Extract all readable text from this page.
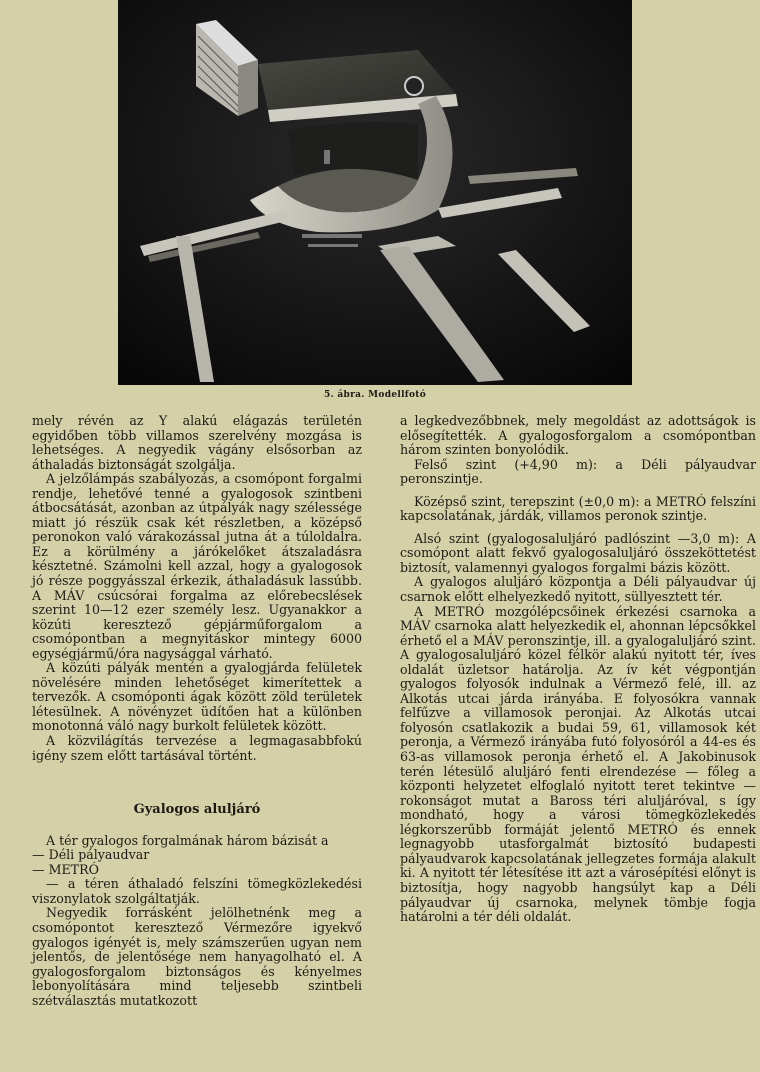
5. ábra. Modellfotó

mely révén az Y alakú elágazás területén egyidőben több villamos szerelvény mozgása is lehetséges. A negyedik vágány elsősorban az áthaladás biztonságát szolgálja.

A jelzőlámpás szabályozás, a csomópont forgalmi rendje, lehetővé tenné a gyalogosok szintbeni átbocsátását, azonban az útpályák nagy szélessége miatt jó részük csak két részletben, a középső peronokon való várakozással jutna át a túloldalra. Ez a körülmény a járókelőket átszaladásra késztetné. Számolni kell azzal, hogy a gyalogosok jó része poggyásszal érkezik, áthaladásuk lassúbb. A MÁV csúcsórai forgalma az előrebecslések szerint 10—12 ezer személy lesz. Ugyanakkor a közúti keresztező gépjárműforgalom a csomópontban a megnyitáskor mintegy 6000 egységjármű/óra nagysággal várható.

A közúti pályák mentén a gyalogjárda felületek növelésére minden lehetőséget kimerítettek a tervezők. A csomóponti ágak között zöld területek létesülnek. A növényzet üdítően hat a különben monotonná váló nagy burkolt felületek között.

A közvilágítás tervezése a legmagasabbfokú igény szem előtt tartásával történt.

Gyalogos aluljáró

A tér gyalogos forgalmának három bázisát a

— Déli pályaudvar

— METRÓ

— a téren áthaladó felszíni tömegközlekedési viszonylatok szolgáltatják.

Negyedik forrásként jelölhetnénk meg a csomópontot keresztező Vérmezőre igyekvő gyalogos igényét is, mely számszerűen ugyan nem jelentős, de jelentősége nem hanyagolható el. A gyalogosforgalom biztonságos és kényelmes lebonyolítására mind teljesebb szintbeli szétválasztás mutatkozott

a legkedvezőbbnek, mely megoldást az adottságok is elősegítették. A gyalogosforgalom a csomópontban három szinten bonyolódik.

Felső szint (+4,90 m): a Déli pályaudvar peronszintje.

Középső szint, terepszint (±0,0 m): a METRÓ felszíni kapcsolatának, járdák, villamos peronok szintje.

Alsó szint (gyalogosaluljáró padlószint —3,0 m): A csomópont alatt fekvő gyalogosaluljáró összeköttetést biztosít, valamennyi gyalogos forgalmi bázis között.

A gyalogos aluljáró központja a Déli pályaudvar új csarnok előtt elhelyezkedő nyitott, süllyesztett tér.

A METRÓ mozgólépcsőinek érkezési csarnoka a MÁV csarnoka alatt helyezkedik el, ahonnan lépcsőkkel érhető el a MÁV peronszintje, ill. a gyalogaluljáró szint. A gyalogosaluljáró közel félkör alakú nyitott tér, íves oldalát üzletsor határolja. Az ív két végpontján gyalogos folyosók indulnak a Vérmező felé, ill. az Alkotás utcai járda irányába. E folyosókra vannak felfűzve a villamosok peronjai. Az Alkotás utcai folyosón csatlakozik a budai 59, 61, villamosok két peronja, a Vérmező irányába futó folyosóról a 44-es és 63-as villamosok peronja érhető el. A Jakobinusok terén létesülő aluljáró fenti elrendezése — főleg a központi helyzetet elfoglaló nyitott teret tekintve — rokonságot mutat a Baross téri aluljáróval, s így mondható, hogy a városi tömegközlekedés légkorszerűbb formáját jelentő METRÓ és ennek legnagyobb utasforgalmát biztosító budapesti pályaudvarok kapcsolatának jellegzetes formája alakult ki. A nyitott tér létesítése itt azt a városépítési előnyt is biztosítja, hogy nagyobb hangsúlyt kap a Déli pályaudvar új csarnoka, melynek tömbje fogja határolni a tér déli oldalát.
